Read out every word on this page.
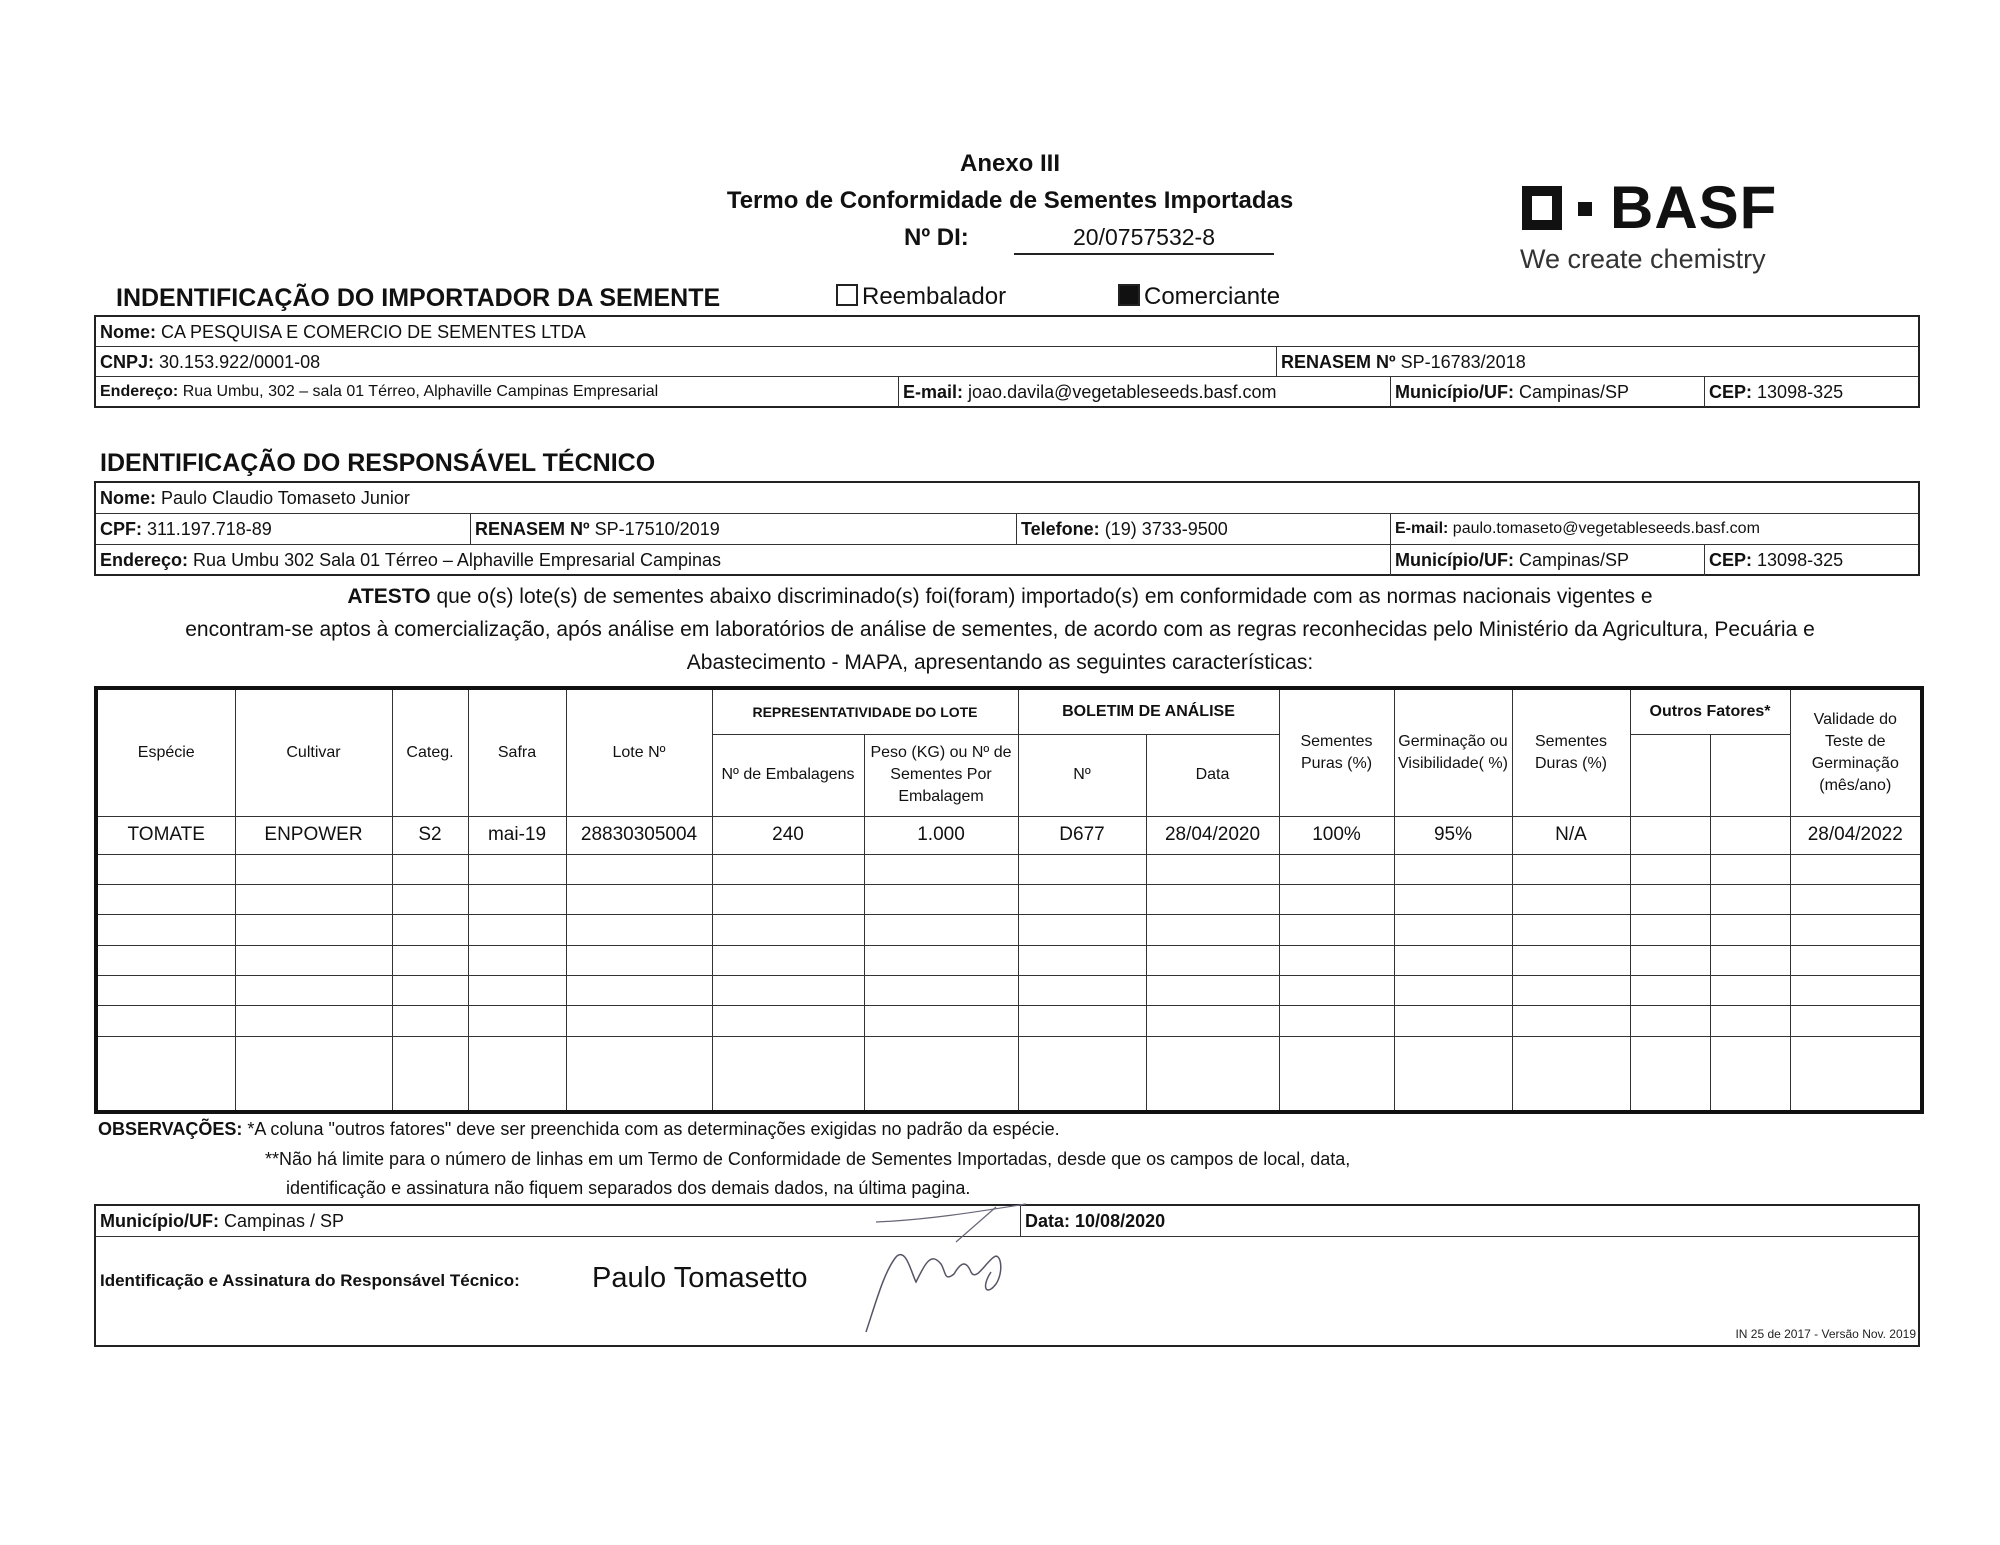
Anexo III
Termo de Conformidade de Sementes Importadas
Nº DI:	20/0757532-8	BASF
We create chemistry
INDENTIFICAÇÃO DO IMPORTADOR DA SEMENTE	Reembalador	Comerciante
Nome: CA PESQUISA E COMERCIO DE SEMENTES LTDA
CNPJ: 30.153.922/0001-08	RENASEM Nº SP-16783/2018
Endereço: Rua Umbu, 302 – sala 01 Térreo, Alphaville Campinas Empresarial	E-mail: joao.davila@vegetableseeds.basf.com	Município/UF: Campinas/SP	CEP: 13098-325
IDENTIFICAÇÃO DO RESPONSÁVEL TÉCNICO
Nome: Paulo Claudio Tomaseto Junior
CPF: 311.197.718-89	RENASEM Nº SP-17510/2019	Telefone: (19) 3733-9500	E-mail: paulo.tomaseto@vegetableseeds.basf.com
Endereço: Rua Umbu 302 Sala 01 Térreo – Alphaville Empresarial Campinas	Município/UF: Campinas/SP	CEP: 13098-325
ATESTO que o(s) lote(s) de sementes abaixo discriminado(s) foi(foram) importado(s) em conformidade com as normas nacionais vigentes e
encontram-se aptos à comercialização, após análise em laboratórios de análise de sementes, de acordo com as regras reconhecidas pelo Ministério da Agricultura, Pecuária e
Abastecimento - MAPA, apresentando as seguintes características:
Espécie	Cultivar	Categ.	Safra	Lote Nº	REPRESENTATIVIDADE DO LOTE		BOLETIM DE ANÁLISE		Sementes Puras (%)	Germinação ou Visibilidade( %)	Sementes Duras (%)	Outros Fatores*		Validade do Teste de Germinação (mês/ano)
					Nº de Embalagens	Peso (KG) ou Nº de Sementes Por Embalagem	Nº	Data						
TOMATE	ENPOWER	S2	mai-19	28830305004	240	1.000	D677	28/04/2020	100%	95%	N/A			28/04/2022

OBSERVAÇÕES: *A coluna "outros fatores" deve ser preenchida com as determinações exigidas no padrão da espécie.
**Não há limite para o número de linhas em um Termo de Conformidade de Sementes Importadas, desde que os campos de local, data,
identificação e assinatura não fiquem separados dos demais dados, na última pagina.
Município/UF: Campinas / SP	Data: 10/08/2020
Identificação e Assinatura do Responsável Técnico: Paulo Tomasetto
IN 25 de 2017 - Versão Nov. 2019
